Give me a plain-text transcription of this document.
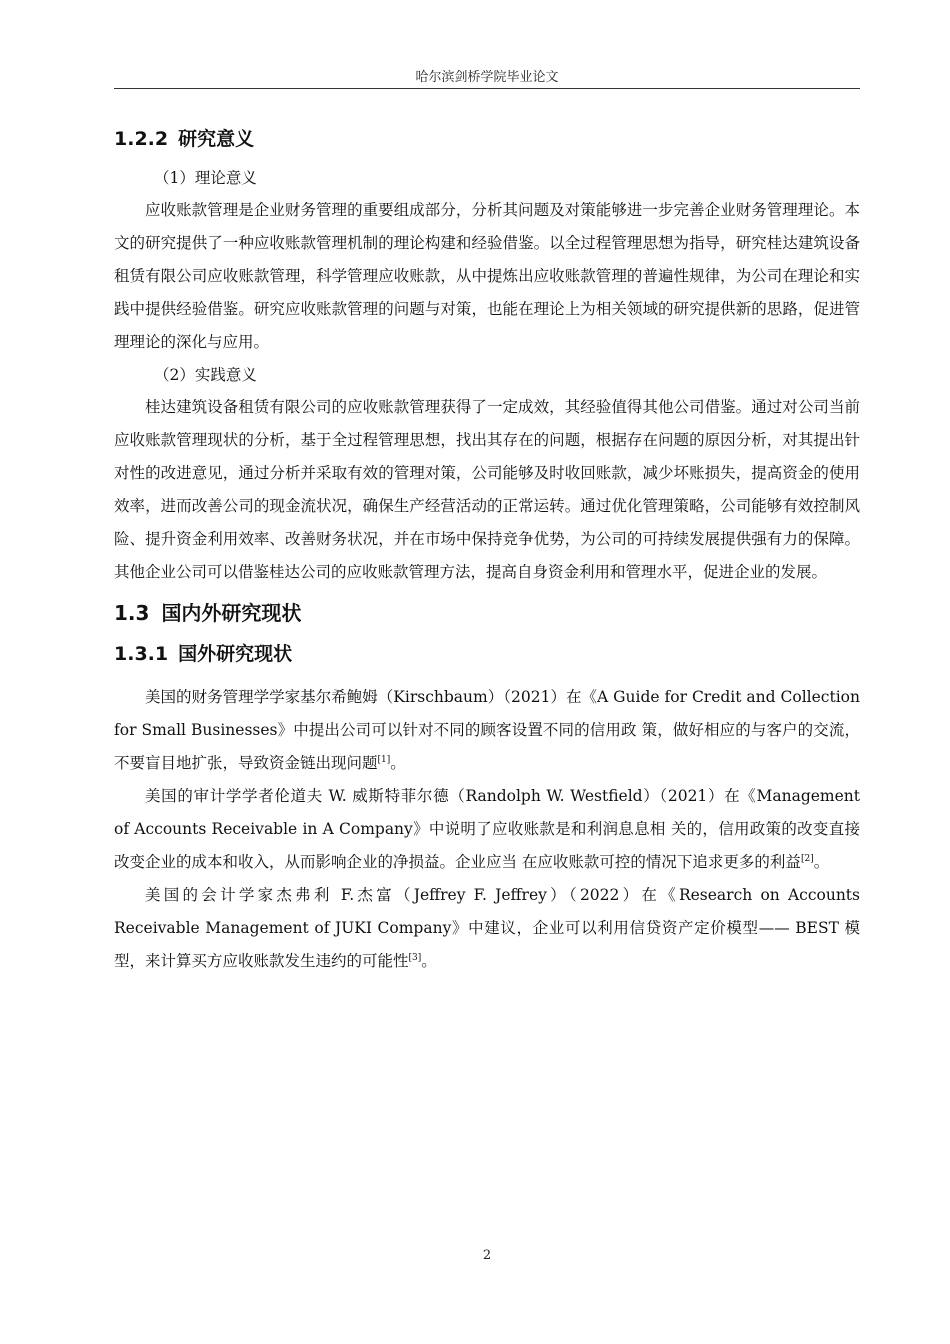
哈尔滨剑桥学院毕业论文
1.2.2 研究意义

（1）理论意义

应收账款管理是企业财务管理的重要组成部分，分析其问题及对策能够进一步完善企业财务管理理论。本文的研究提供了一种应收账款管理机制的理论构建和经验借鉴。以全过程管理思想为指导，研究桂达建筑设备租赁有限公司应收账款管理，科学管理应收账款，从中提炼出应收账款管理的普遍性规律，为公司在理论和实践中提供经验借鉴。研究应收账款管理的问题与对策，也能在理论上为相关领域的研究提供新的思路，促进管理理论的深化与应用。

（2）实践意义

桂达建筑设备租赁有限公司的应收账款管理获得了一定成效，其经验值得其他公司借鉴。通过对公司当前应收账款管理现状的分析，基于全过程管理思想，找出其存在的问题，根据存在问题的原因分析，对其提出针对性的改进意见，通过分析并采取有效的管理对策，公司能够及时收回账款，减少坏账损失，提高资金的使用效率，进而改善公司的现金流状况，确保生产经营活动的正常运转。通过优化管理策略，公司能够有效控制风险、提升资金利用效率、改善财务状况，并在市场中保持竞争优势，为公司的可持续发展提供强有力的保障。其他企业公司可以借鉴桂达公司的应收账款管理方法，提高自身资金利用和管理水平，促进企业的发展。

1.3 国内外研究现状
1.3.1 国外研究现状

美国的财务管理学学家基尔希鲍姆（Kirschbaum）（2021）在《A Guide for Credit and Collection for Small Businesses》中提出公司可以针对不同的顾客设置不同的信用政 策，做好相应的与客户的交流，不要盲目地扩张，导致资金链出现问题[1]。

美国的审计学学者伦道夫 W. 威斯特菲尔德（Randolph W. Westfield）（2021）在《Management of Accounts Receivable in A Company》中说明了应收账款是和利润息息相 关的，信用政策的改变直接改变企业的成本和收入，从而影响企业的净损益。企业应当 在应收账款可控的情况下追求更多的利益[2]。

美国的会计学家杰弗利 F.杰富（Jeffrey F. Jeffrey）（2022）在《Research on Accounts Receivable Management of JUKI Company》中建议，企业可以利用信贷资产定价模型—— BEST 模型，来计算买方应收账款发生违约的可能性[3]。

2
